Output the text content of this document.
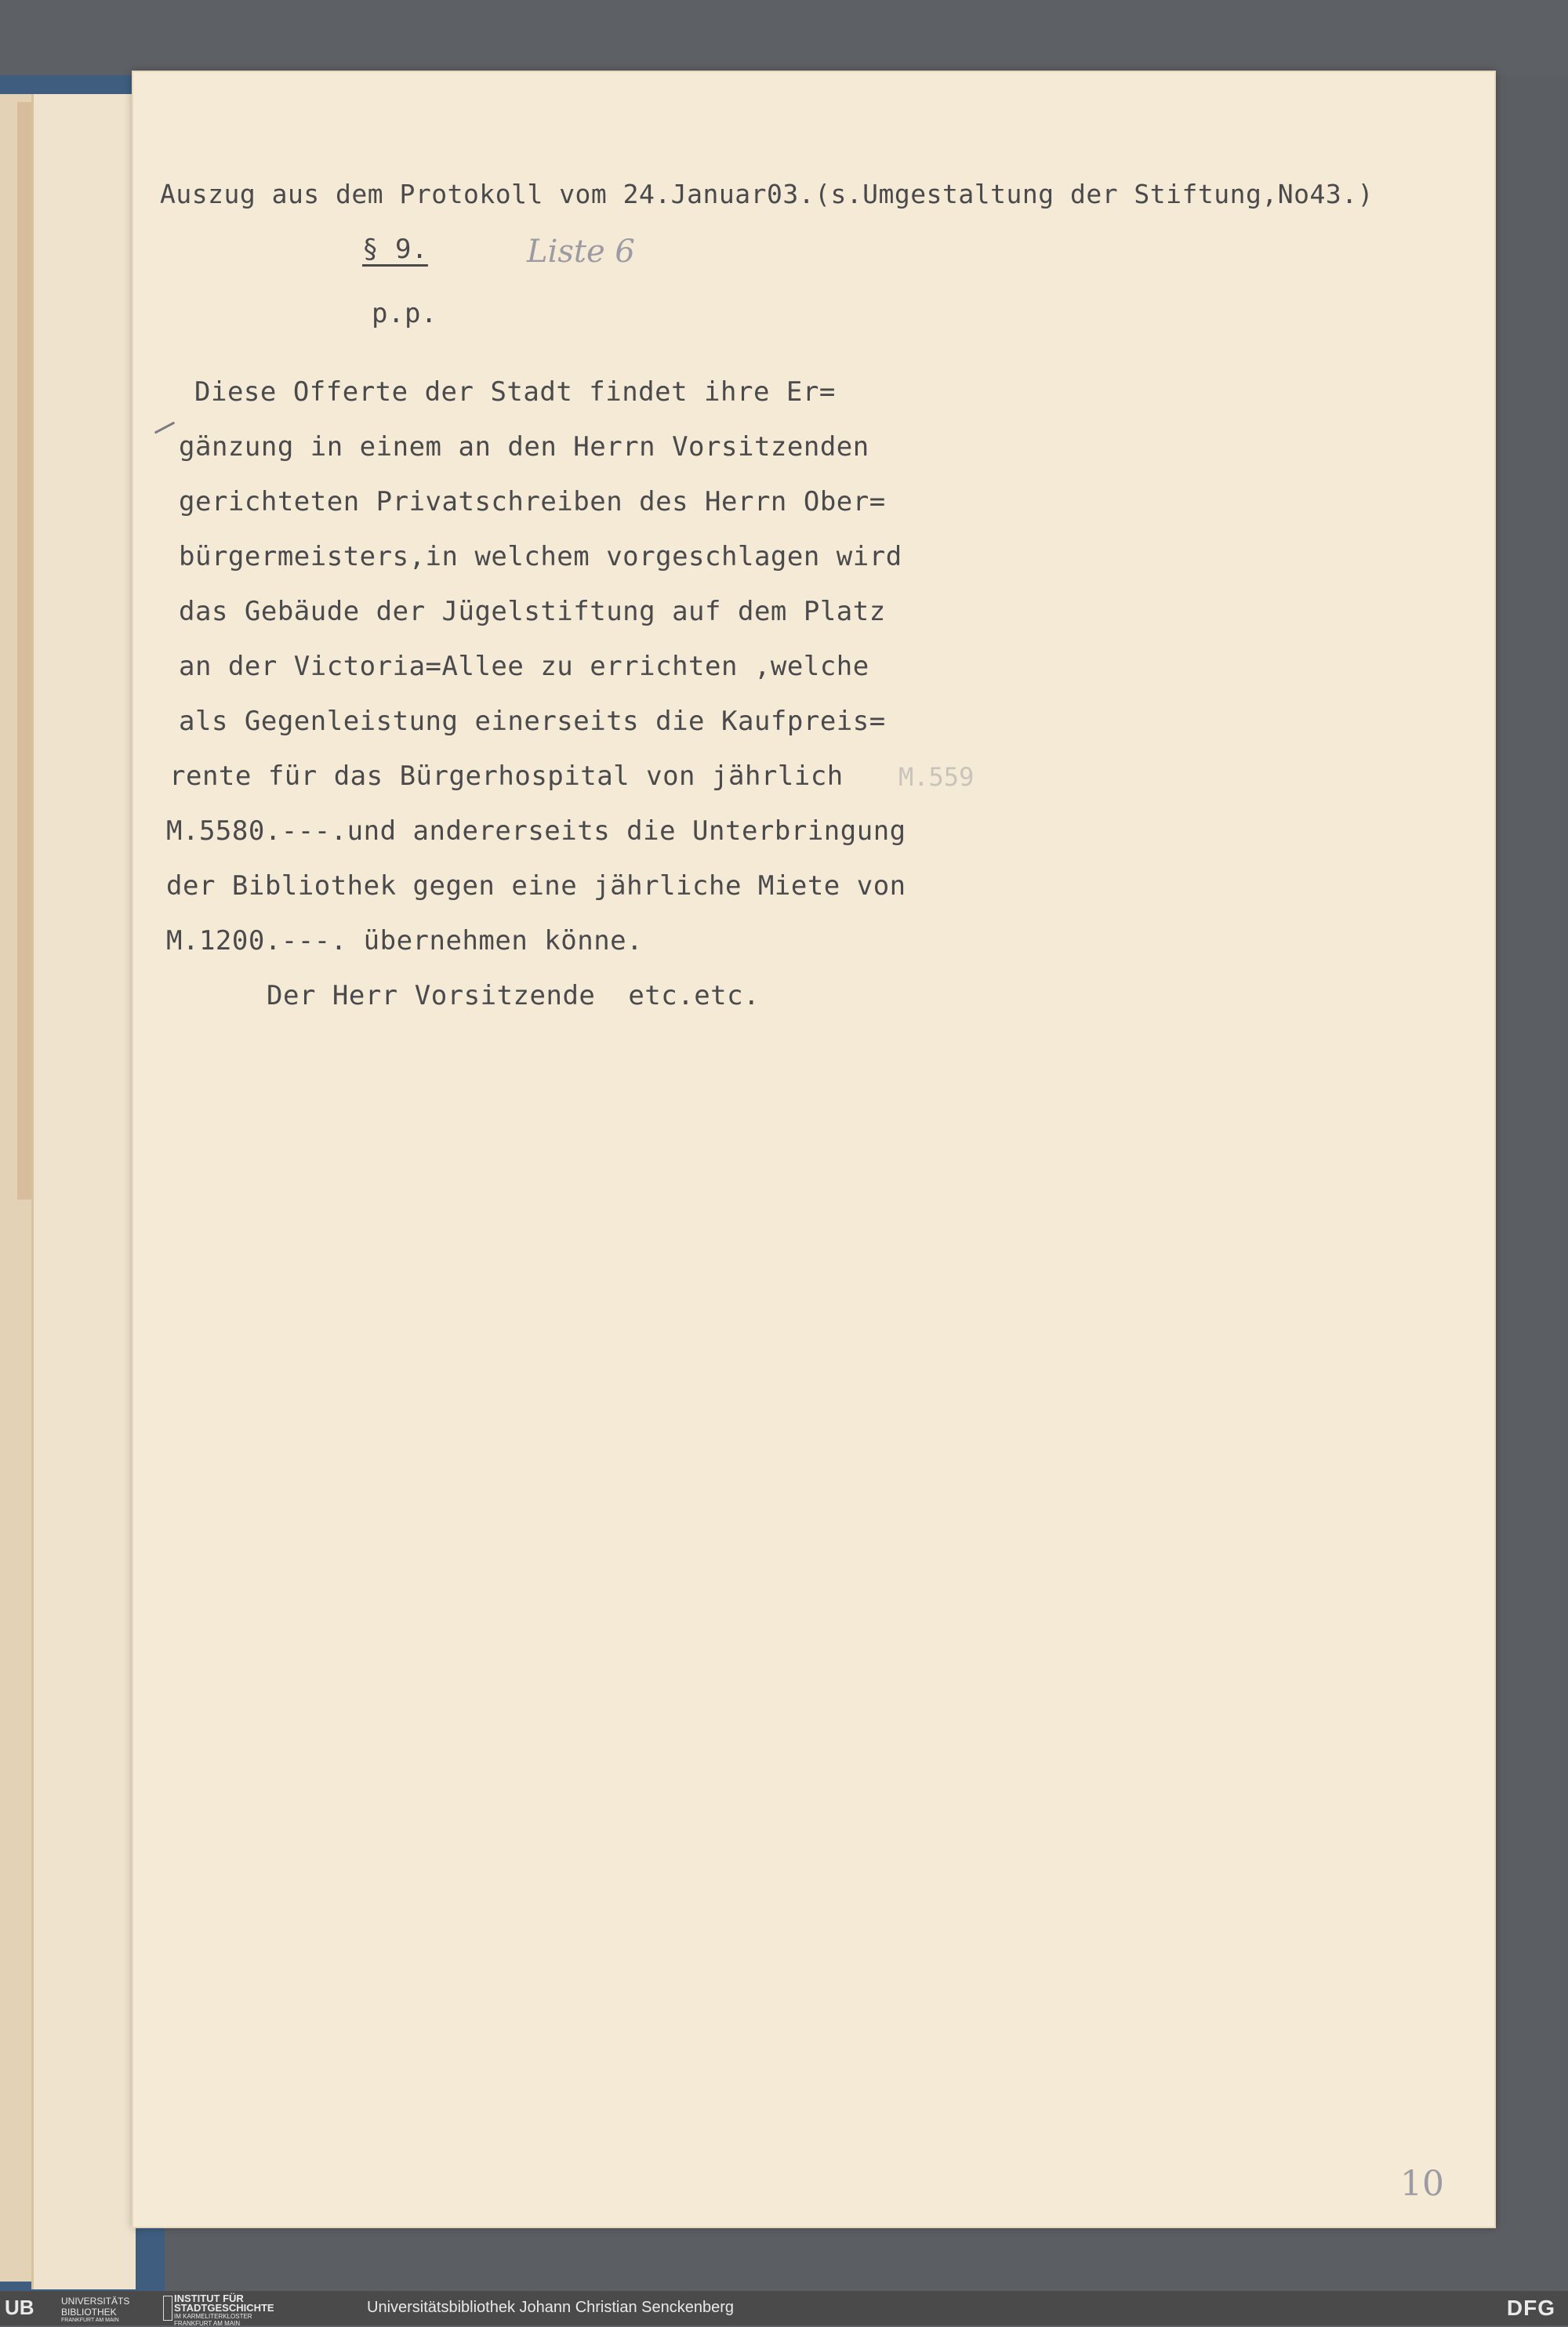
Auszug aus dem Protokoll vom 24.Januar03.(s.Umgestaltung der Stiftung,No43.)

§ 9.	Liste 6

p.p.

Diese Offerte der Stadt findet ihre Er=

gänzung in einem an den Herrn Vorsitzenden

gerichteten Privatschreiben des Herrn Ober=

bürgermeisters,in welchem vorgeschlagen wird

das Gebäude der Jügelstiftung auf dem Platz

an der Victoria=Allee zu errichten ,welche

als Gegenleistung einerseits die Kaufpreis=

rente für das Bürgerhospital von jährlich M.559

M.5580.---.und andererseits die Unterbringung

der Bibliothek gegen eine jährliche Miete von

M.1200.---. übernehmen könne.

Der Herr Vorsitzende  etc.etc.

10

UB	UNIVERSITÄTS
BIBLIOTHEK
FRANKFURT AM MAIN
INSTITUT FÜR
STADTGESCHICHTE
IM KARMELITERKLOSTER
FRANKFURT AM MAIN
Universitätsbibliothek Johann Christian Senckenberg	DFG
